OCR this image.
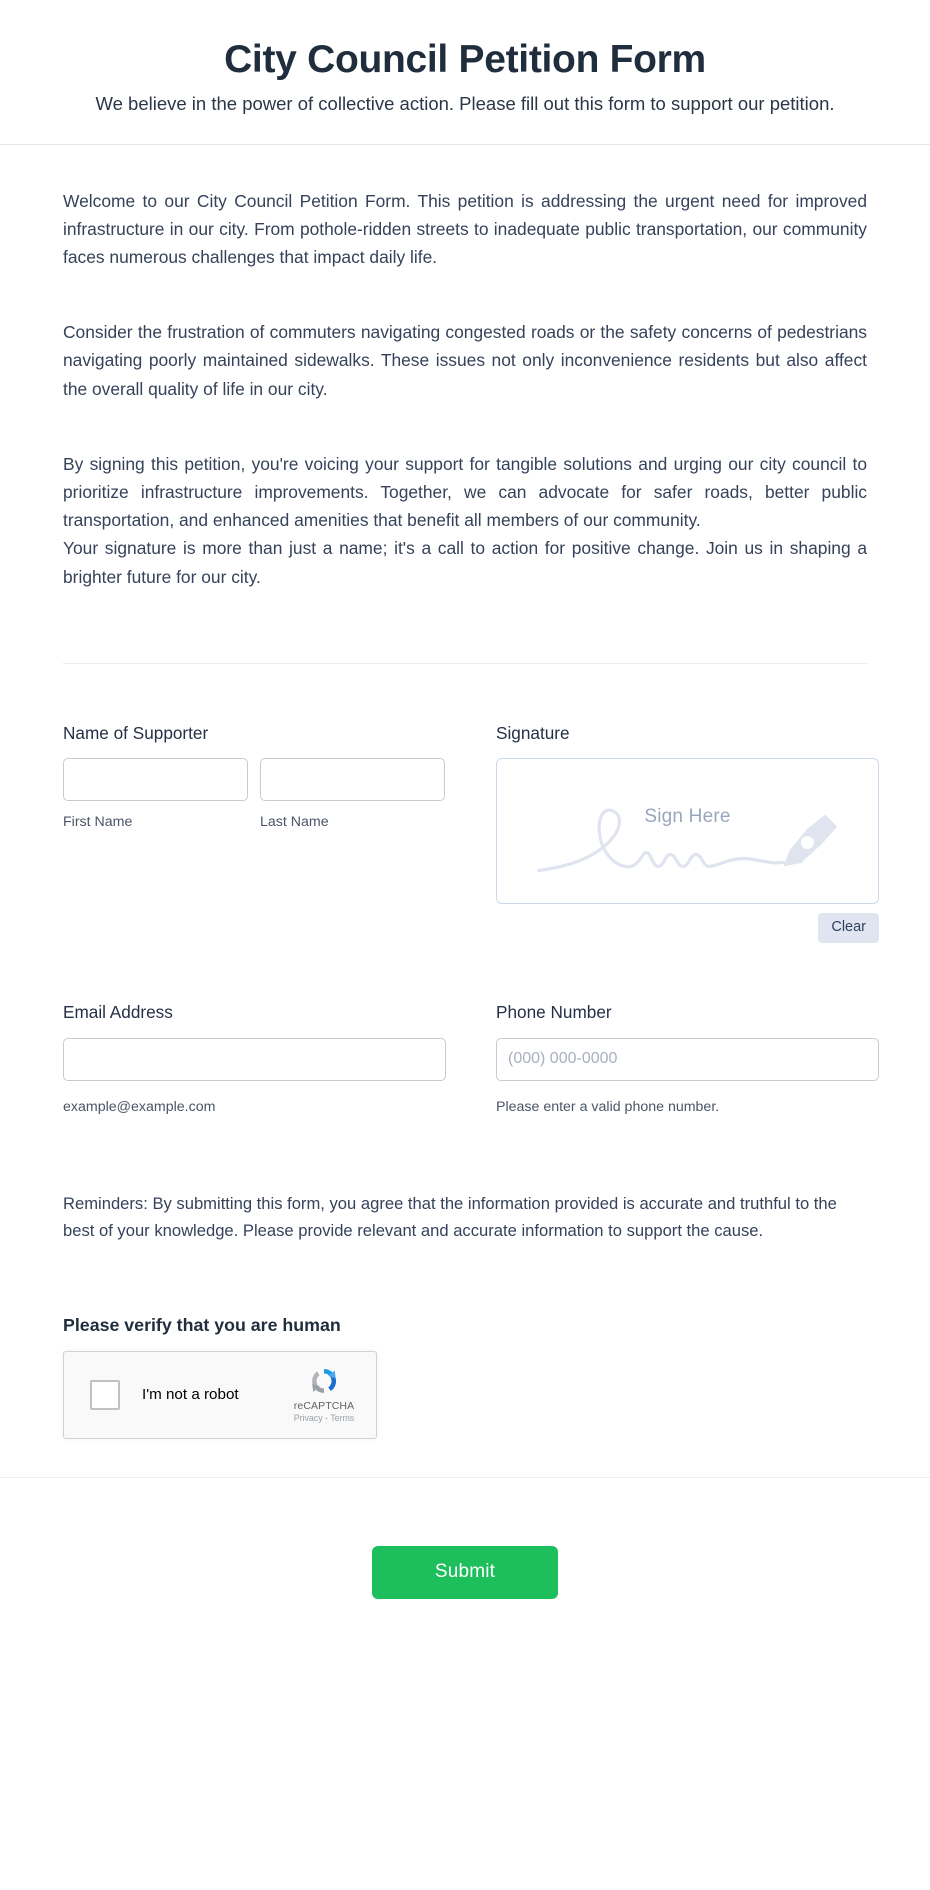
City Council Petition Form

We believe in the power of collective action. Please fill out this form to support our petition.

Welcome to our City Council Petition Form. This petition is addressing the urgent need for improved infrastructure in our city. From pothole-ridden streets to inadequate public transportation, our community faces numerous challenges that impact daily life.

Consider the frustration of commuters navigating congested roads or the safety concerns of pedestrians navigating poorly maintained sidewalks. These issues not only inconvenience residents but also affect the overall quality of life in our city.

By signing this petition, you're voicing your support for tangible solutions and urging our city council to prioritize infrastructure improvements. Together, we can advocate for safer roads, better public transportation, and enhanced amenities that benefit all members of our community.

Your signature is more than just a name; it's a call to action for positive change. Join us in shaping a brighter future for our city.

Name of Supporter
First Name	Last Name
Signature
Sign Here
Clear
Email Address
example@example.com
Phone Number
(000) 000-0000
Please enter a valid phone number.

Reminders: By submitting this form, you agree that the information provided is accurate and truthful to the best of your knowledge. Please provide relevant and accurate information to support the cause.

Please verify that you are human
I'm not a robot
reCAPTCHA
Privacy - Terms
Submit
